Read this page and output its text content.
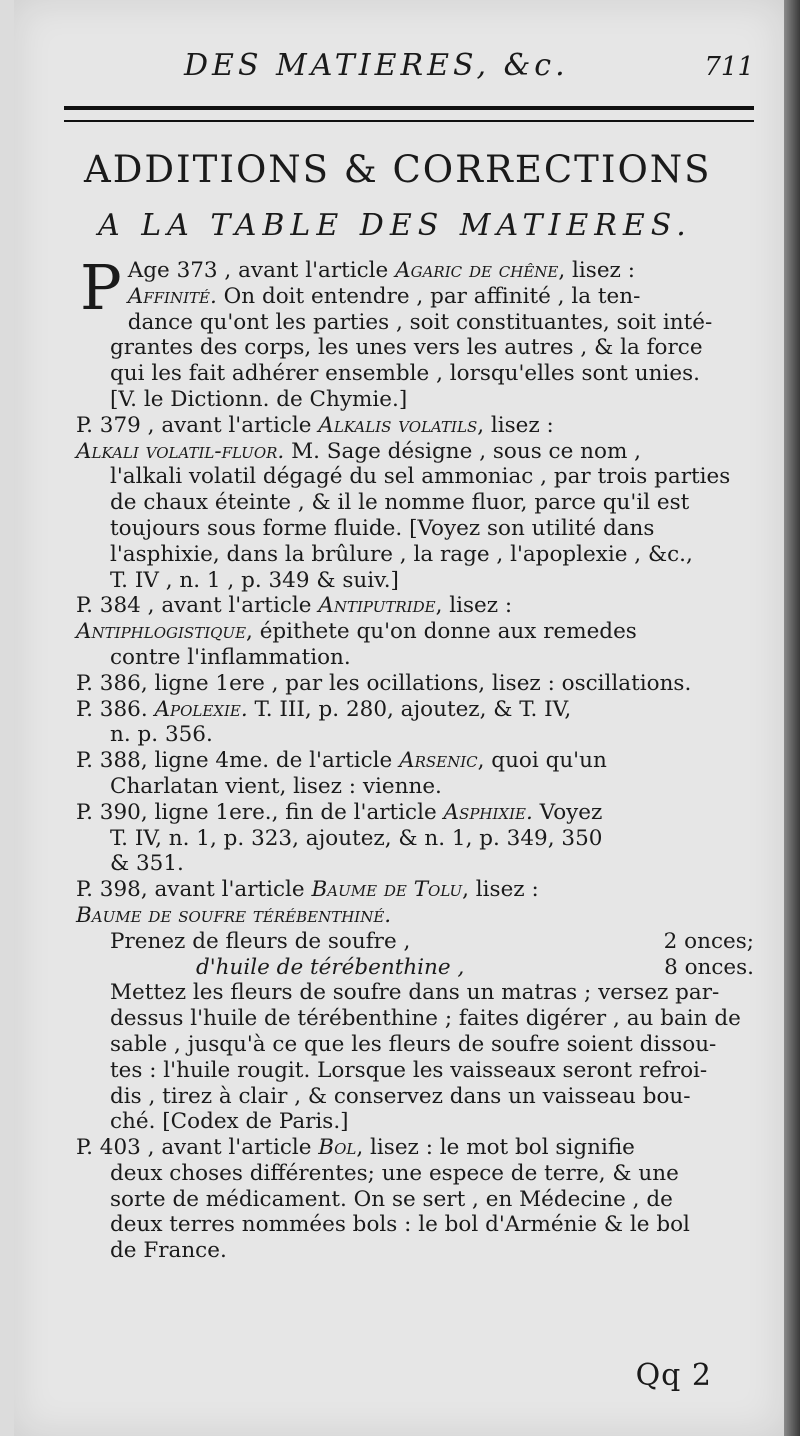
DES MATIERES, &c.	711
ADDITIONS & CORRECTIONS
A LA TABLE DES MATIERES.
P Age 373 , avant l'article Agaric de chêne, lisez :
Affinité. On doit entendre , par affinité , la ten-
dance qu'ont les parties , soit constituantes, soit inté-
grantes des corps, les unes vers les autres , & la force
qui les fait adhérer ensemble , lorsqu'elles sont unies.
[V. le Dictionn. de Chymie.]
P. 379 , avant l'article Alkalis volatils, lisez :
Alkali volatil-fluor. M. Sage désigne , sous ce nom ,
l'alkali volatil dégagé du sel ammoniac , par trois parties
de chaux éteinte , & il le nomme fluor, parce qu'il est
toujours sous forme fluide. [Voyez son utilité dans
l'asphixie, dans la brûlure , la rage , l'apoplexie , &c.,
T. IV , n. 1 , p. 349 & suiv.]
P. 384 , avant l'article Antiputride, lisez :
Antiphlogistique, épithete qu'on donne aux remedes
contre l'inflammation.
P. 386, ligne 1ere , par les ocillations, lisez : oscillations.
P. 386. Apolexie. T. III, p. 280, ajoutez, & T. IV,
n. p. 356.
P. 388, ligne 4me. de l'article Arsenic, quoi qu'un
Charlatan vient, lisez : vienne.
P. 390, ligne 1ere., fin de l'article Asphixie. Voyez
T. IV, n. 1, p. 323, ajoutez, & n. 1, p. 349, 350
& 351.
P. 398, avant l'article Baume de Tolu, lisez :
Baume de soufre térébenthiné.
Prenez de fleurs de soufre ,	2 onces;
d'huile de térébenthine ,	8 onces.
Mettez les fleurs de soufre dans un matras ; versez par-
dessus l'huile de térébenthine ; faites digérer , au bain de
sable , jusqu'à ce que les fleurs de soufre soient dissou-
tes : l'huile rougit. Lorsque les vaisseaux seront refroi-
dis , tirez à clair , & conservez dans un vaisseau bou-
ché. [Codex de Paris.]
P. 403 , avant l'article Bol, lisez : le mot bol signifie
deux choses différentes; une espece de terre, & une
sorte de médicament. On se sert , en Médecine , de
deux terres nommées bols : le bol d'Arménie & le bol
de France.
Qq 2
